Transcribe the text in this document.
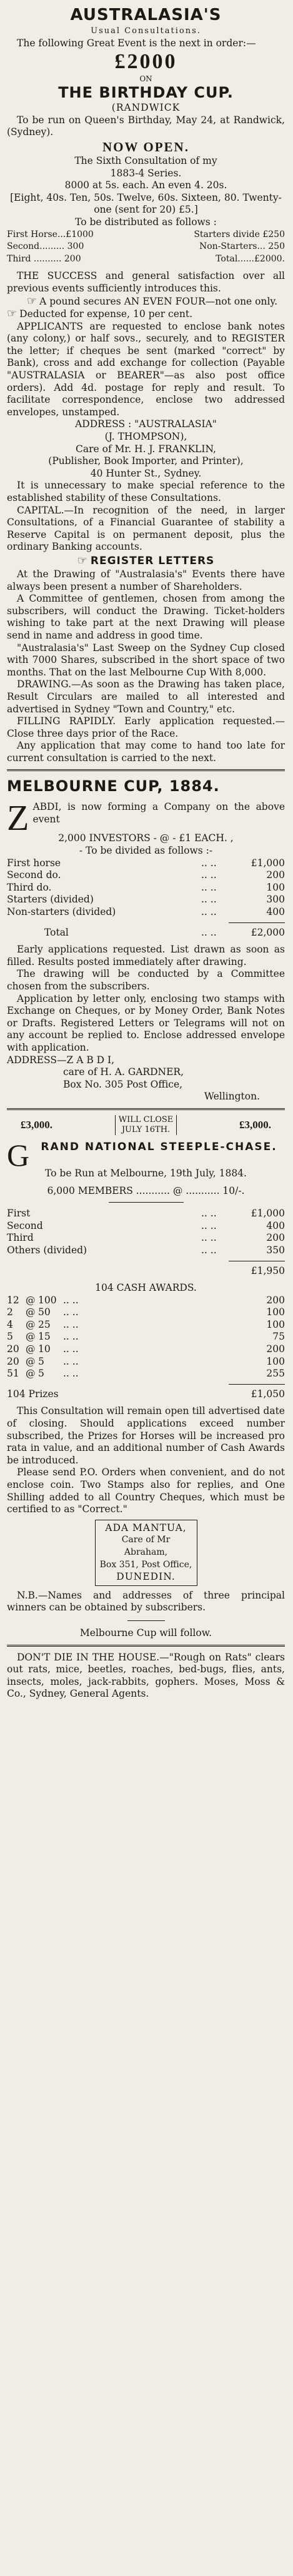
AUSTRALASIA'S
Usual Consultations.

The following Great Event is the next in order:—

£2000
ON
THE BIRTHDAY CUP.
(RANDWICK

To be run on Queen's Birthday, May 24, at Randwick, (Sydney).

NOW OPEN.
The Sixth Consultation of my
1883-4 Series.
8000 at 5s. each. An even 4. 20s.
[Eight, 40s. Ten, 50s. Twelve, 60s. Sixteen, 80. Twenty-one (sent for 20) £5.]
To be distributed as follows :
First Horse...£1000	Starters divide £250
Second......... 300	Non-Starters... 250
Third .......... 200	Total......£2000.

THE SUCCESS and general satisfaction over all previous events sufficiently introduces this.

☞ A pound secures AN EVEN FOUR—not one only.

☞ Deducted for expense, 10 per cent.

APPLICANTS are requested to enclose bank notes (any colony,) or half sovs., securely, and to REGISTER the letter; if cheques be sent (marked "correct" by Bank), cross and add exchange for collection (Payable "AUSTRALASIA or BEARER"—as also post office orders). Add 4d. postage for reply and result. To facilitate correspondence, enclose two addressed envelopes, unstamped.

ADDRESS : "AUSTRALASIA"
(J. THOMPSON),
Care of Mr. H. J. FRANKLIN,
(Publisher, Book Importer, and Printer),
40 Hunter St., Sydney.

It is unnecessary to make special reference to the established stability of these Consultations.

CAPITAL.—In recognition of the need, in larger Consultations, of a Financial Guarantee of stability a Reserve Capital is on permanent deposit, plus the ordinary Banking accounts.

☞ REGISTER LETTERS

At the Drawing of "Australasia's" Events there have always been present a number of Shareholders.

A Committee of gentlemen, chosen from among the subscribers, will conduct the Drawing. Ticket-holders wishing to take part at the next Drawing will please send in name and address in good time.

"Australasia's" Last Sweep on the Sydney Cup closed with 7000 Shares, subscribed in the short space of two months. That on the last Melbourne Cup With 8,000.

DRAWING.—As soon as the Drawing has taken place, Result Circulars are mailed to all interested and advertised in Sydney "Town and Country," etc.

FILLING RAPIDLY. Early application requested.—Close three days prior of the Race.

Any application that may come to hand too late for current consultation is carried to the next.

MELBOURNE CUP, 1884.

ZABDI, is now forming a Company on the above event

2,000 INVESTORS - @ - £1 EACH. ,
- To be divided as follows :-
First horse	.. ..	£1,000
Second do.	.. ..	200
Third do.	.. ..	100
Starters (divided)	.. ..	300
Non-starters (divided)	.. ..	400
Total	.. ..	£2,000

Early applications requested. List drawn as soon as filled. Results posted immediately after drawing.

The drawing will be conducted by a Committee chosen from the subscribers.

Application by letter only, enclosing two stamps with Exchange on Cheques, or by Money Order, Bank Notes or Drafts. Registered Letters or Telegrams will not on any account be replied to. Enclose addressed envelope with application.

ADDRESS—Z A B D I,

care of H. A. GARDNER,
Box No. 305 Post Office,
Wellington.
£3,000.	WILL CLOSE
JULY 16TH.	£3,000.
G	RAND NATIONAL STEEPLE-CHASE.
To be Run at Melbourne, 19th July, 1884.
6,000 MEMBERS ........... @ ........... 10/-.
First	.. ..	£1,000
Second	.. ..	400
Third	.. ..	200
Others (divided)	.. ..	350
£1,950
104 CASH AWARDS.
12 @ 100 .. ..	200
2	@ 50	.. ..	100
4	@ 25	.. ..	100
5	@ 15	.. ..	75
20 @ 10	.. ..	200
20 @ 5	.. ..	100
51 @ 5	.. ..	255
104 Prizes	£1,050

This Consultation will remain open till advertised date of closing. Should applications exceed number subscribed, the Prizes for Horses will be increased pro rata in value, and an additional number of Cash Awards be introduced.

Please send P.O. Orders when convenient, and do not enclose coin. Two Stamps also for replies, and One Shilling added to all Country Cheques, which must be certified to as "Correct."

ADA MANTUA,
Care of Mr Abraham,
Box 351, Post Office,
DUNEDIN.

N.B.—Names and addresses of three principal winners can be obtained by subscribers.

Melbourne Cup will follow.

DON'T DIE IN THE HOUSE.—"Rough on Rats" clears out rats, mice, beetles, roaches, bed-bugs, flies, ants, insects, moles, jack-rabbits, gophers. Moses, Moss & Co., Sydney, General Agents.
